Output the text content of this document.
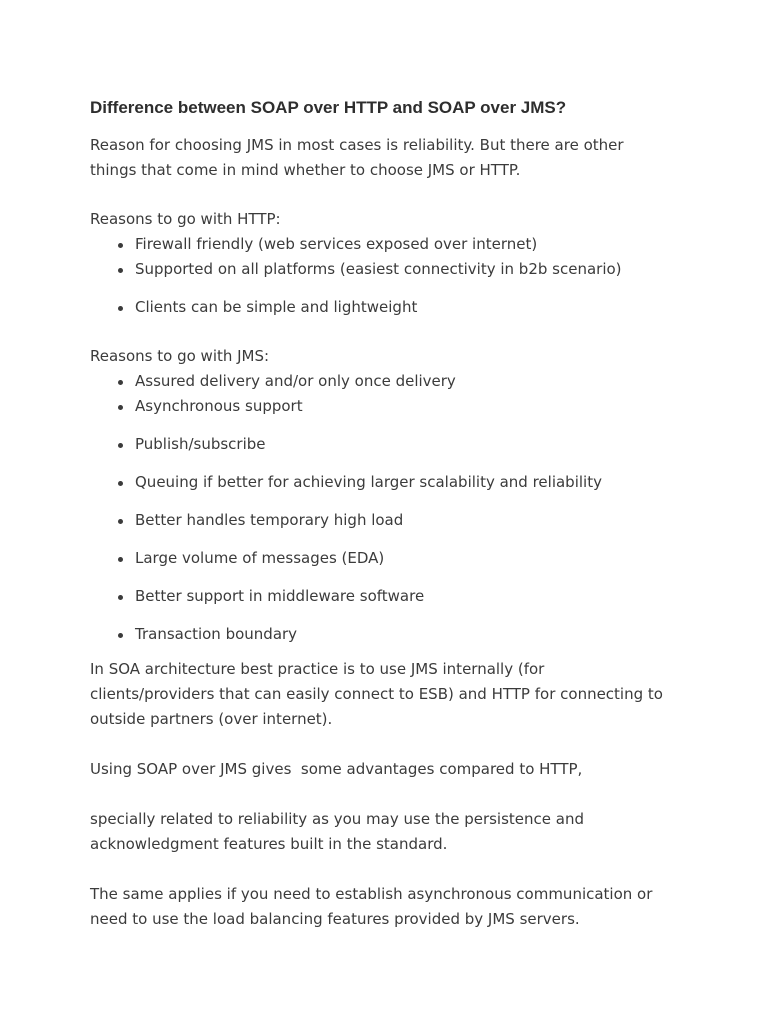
Difference between SOAP over HTTP and SOAP over JMS?

Reason for choosing JMS in most cases is reliability. But there are other
things that come in mind whether to choose JMS or HTTP.

Reasons to go with HTTP:

Firewall friendly (web services exposed over internet)
Supported on all platforms (easiest connectivity in b2b scenario)
Clients can be simple and lightweight

Reasons to go with JMS:

Assured delivery and/or only once delivery
Asynchronous support
Publish/subscribe
Queuing if better for achieving larger scalability and reliability
Better handles temporary high load
Large volume of messages (EDA)
Better support in middleware software
Transaction boundary

In SOA architecture best practice is to use JMS internally (for
clients/providers that can easily connect to ESB) and HTTP for connecting to
outside partners (over internet).

Using SOAP over JMS gives  some advantages compared to HTTP,

specially related to reliability as you may use the persistence and
acknowledgment features built in the standard.

The same applies if you need to establish asynchronous communication or
need to use the load balancing features provided by JMS servers.
